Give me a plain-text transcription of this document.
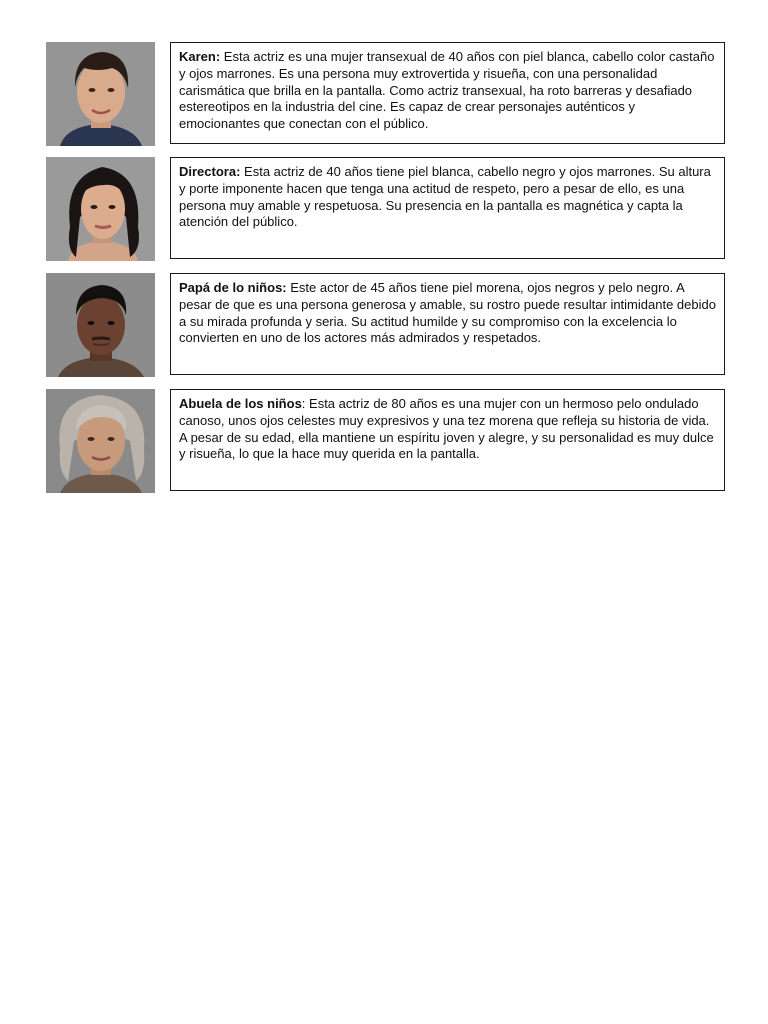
Karen: Esta actriz es una mujer transexual de 40 años con piel blanca, cabello color castaño y ojos marrones. Es una persona muy extrovertida y risueña, con una personalidad carismática que brilla en la pantalla. Como actriz transexual, ha roto barreras y desafiado estereotipos en la industria del cine. Es capaz de crear personajes auténticos y emocionantes que conectan con el público.
Directora: Esta actriz de 40 años tiene piel blanca, cabello negro y ojos marrones. Su altura y porte imponente hacen que tenga una actitud de respeto, pero a pesar de ello, es una persona muy amable y respetuosa. Su presencia en la pantalla es magnética y capta la atención del público.
Papá de lo niños: Este actor de 45 años tiene piel morena, ojos negros y pelo negro. A pesar de que es una persona generosa y amable, su rostro puede resultar intimidante debido a su mirada profunda y seria. Su actitud humilde y su compromiso con la excelencia lo convierten en uno de los actores más admirados y respetados.
Abuela de los niños: Esta actriz de 80 años es una mujer con un hermoso pelo ondulado canoso, unos ojos celestes muy expresivos y una tez morena que refleja su historia de vida. A pesar de su edad, ella mantiene un espíritu joven y alegre, y su personalidad es muy dulce y risueña, lo que la hace muy querida en la pantalla.
